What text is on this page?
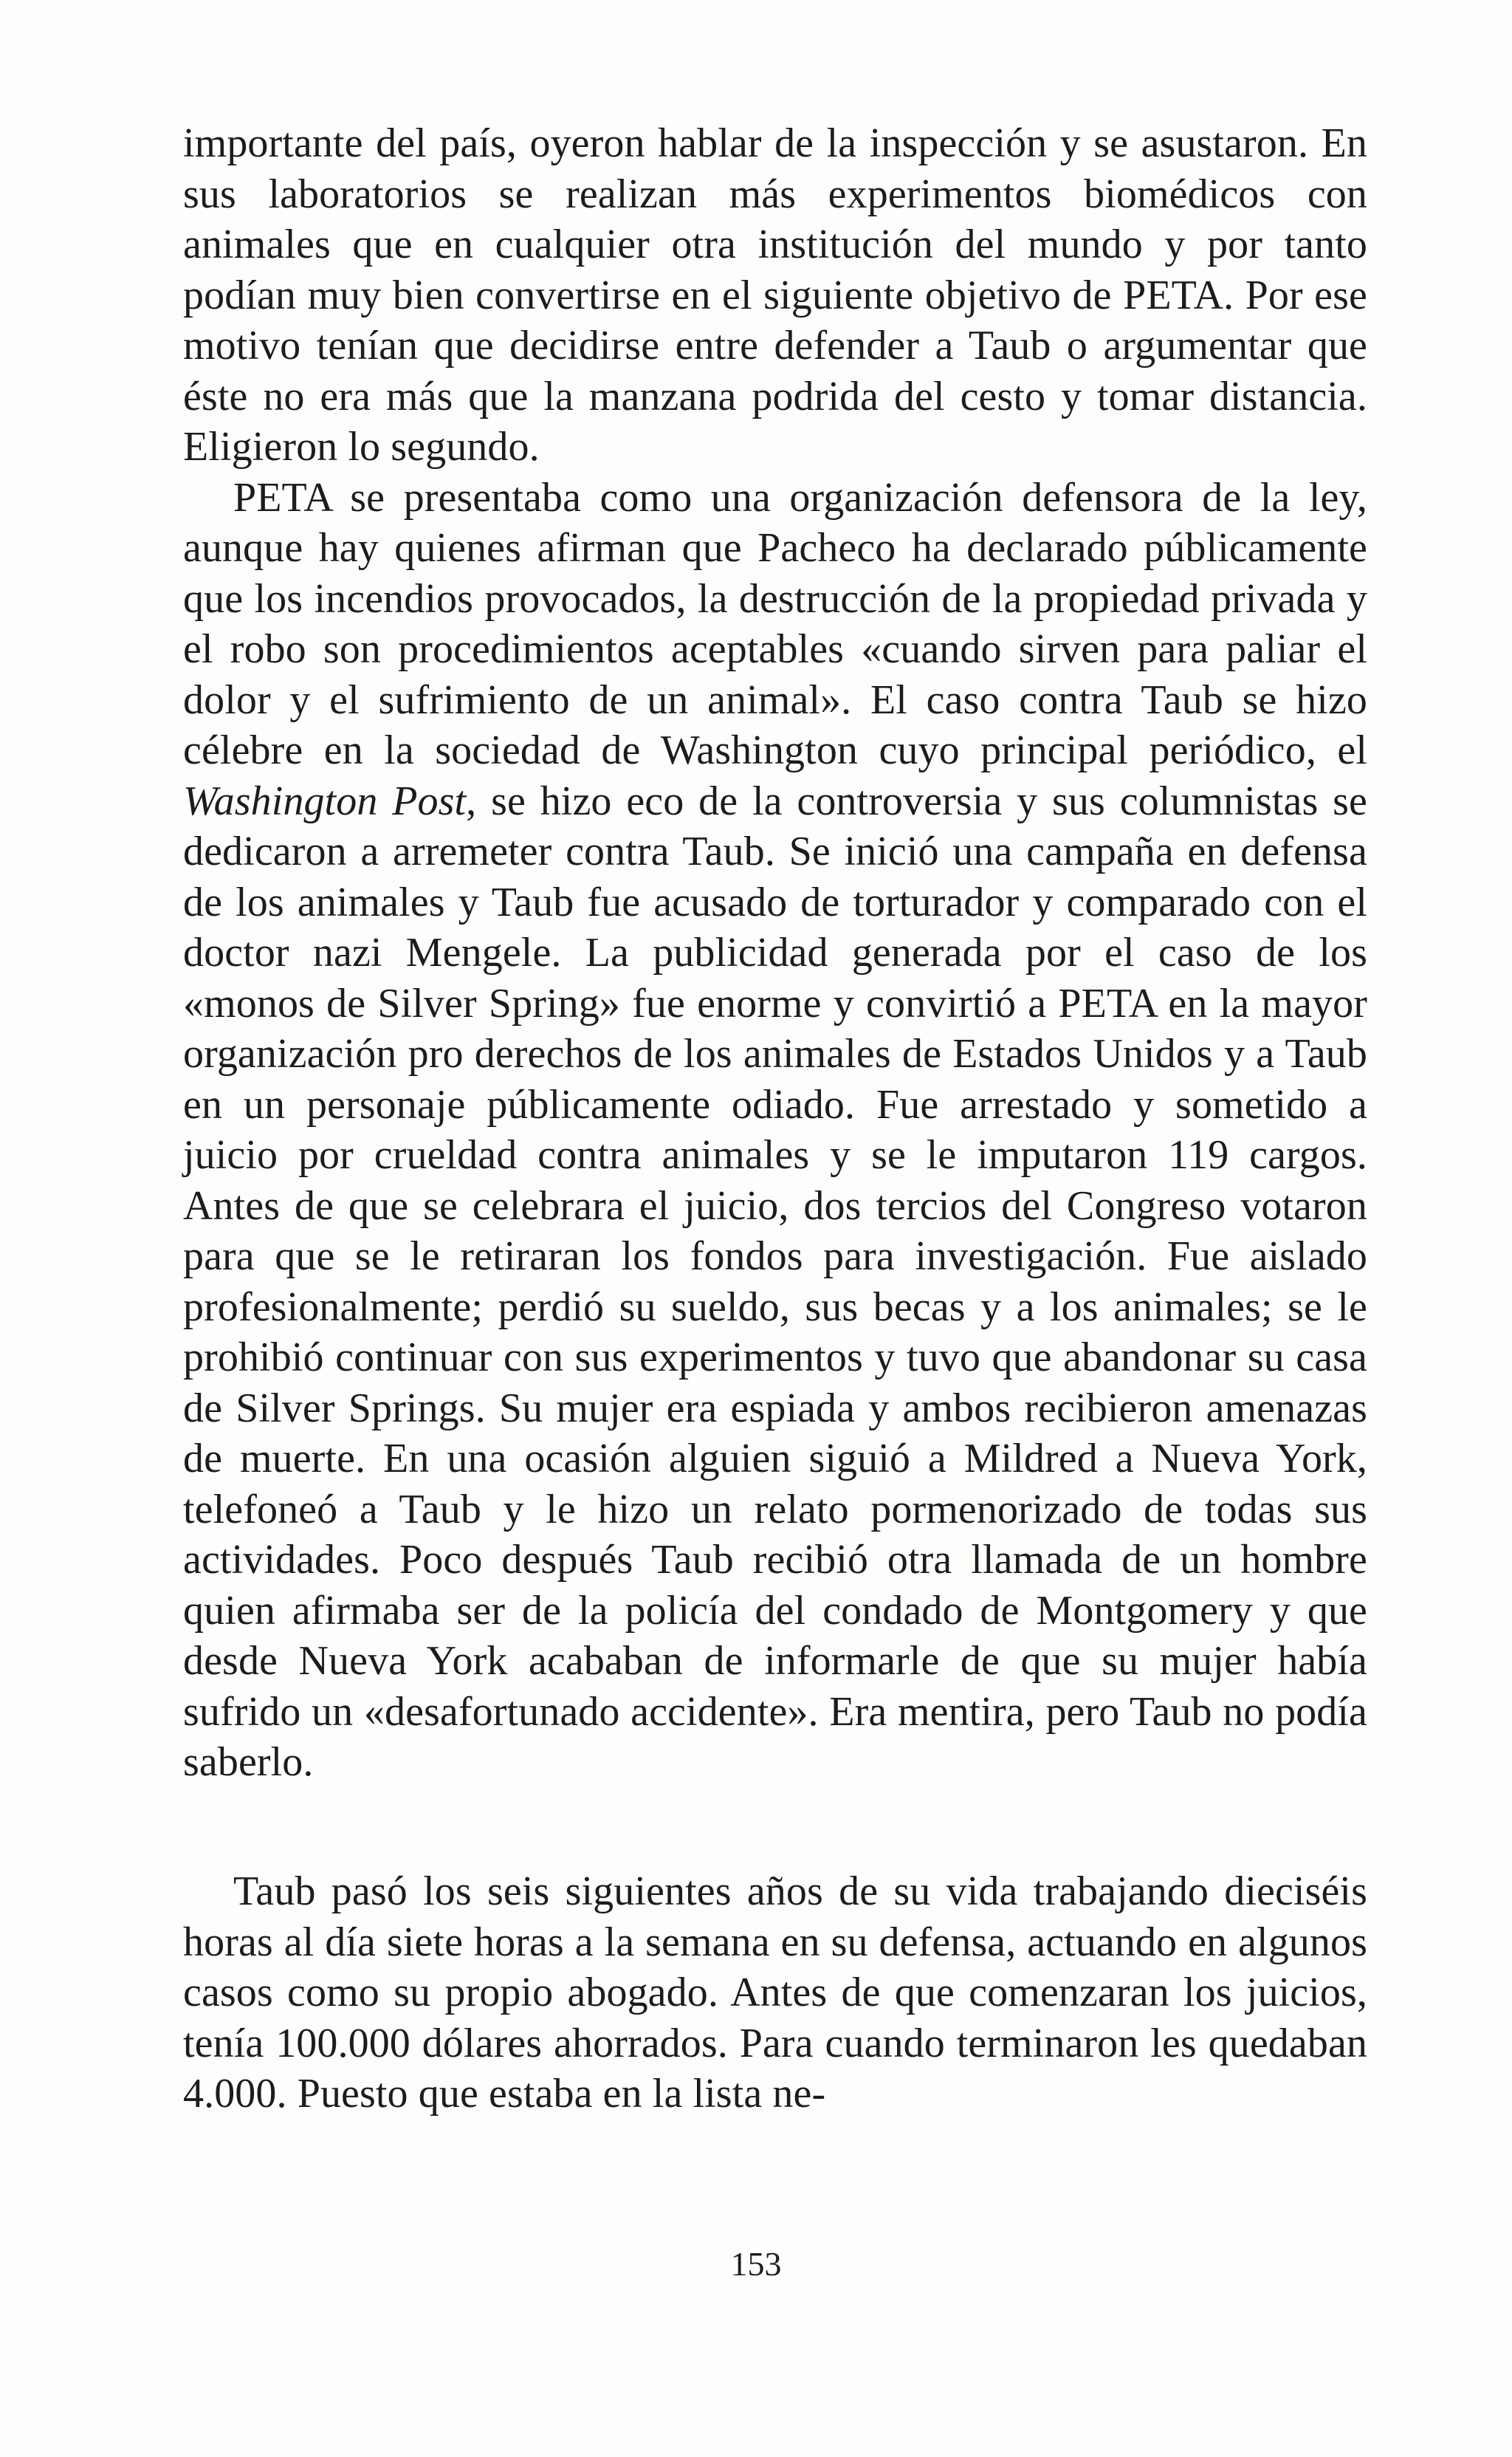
importante del país, oyeron hablar de la inspección y se asustaron. En sus laboratorios se realizan más experimentos biomédicos con animales que en cualquier otra institución del mundo y por tanto podían muy bien convertirse en el siguiente objetivo de PETA. Por ese motivo tenían que decidirse entre defender a Taub o argumentar que éste no era más que la manzana podrida del cesto y tomar distancia. Eligieron lo segundo.

PETA se presentaba como una organización defensora de la ley, aunque hay quienes afirman que Pacheco ha declarado públicamente que los incendios provocados, la destrucción de la propiedad privada y el robo son procedimientos aceptables «cuando sirven para paliar el dolor y el sufrimiento de un animal». El caso contra Taub se hizo célebre en la sociedad de Washington cuyo principal periódico, el Washington Post, se hizo eco de la controversia y sus columnistas se dedicaron a arremeter contra Taub. Se inició una campaña en defensa de los animales y Taub fue acusado de torturador y comparado con el doctor nazi Mengele. La publicidad generada por el caso de los «monos de Silver Spring» fue enorme y convirtió a PETA en la mayor organización pro derechos de los animales de Estados Unidos y a Taub en un personaje públicamente odiado. Fue arrestado y sometido a juicio por crueldad contra animales y se le imputaron 119 cargos. Antes de que se celebrara el juicio, dos tercios del Congreso votaron para que se le retiraran los fondos para investigación. Fue aislado profesionalmente; perdió su sueldo, sus becas y a los animales; se le prohibió continuar con sus experimentos y tuvo que abandonar su casa de Silver Springs. Su mujer era espiada y ambos recibieron amenazas de muerte. En una ocasión alguien siguió a Mildred a Nueva York, telefoneó a Taub y le hizo un relato pormenorizado de todas sus actividades. Poco después Taub recibió otra llamada de un hombre quien afirmaba ser de la policía del condado de Montgomery y que desde Nueva York acababan de informarle de que su mujer había sufrido un «desafortunado accidente». Era mentira, pero Taub no podía saberlo.

Taub pasó los seis siguientes años de su vida trabajando dieciséis horas al día siete horas a la semana en su defensa, actuando en algunos casos como su propio abogado. Antes de que comenzaran los juicios, tenía 100.000 dólares ahorrados. Para cuando terminaron les quedaban 4.000. Puesto que estaba en la lista ne-

153
